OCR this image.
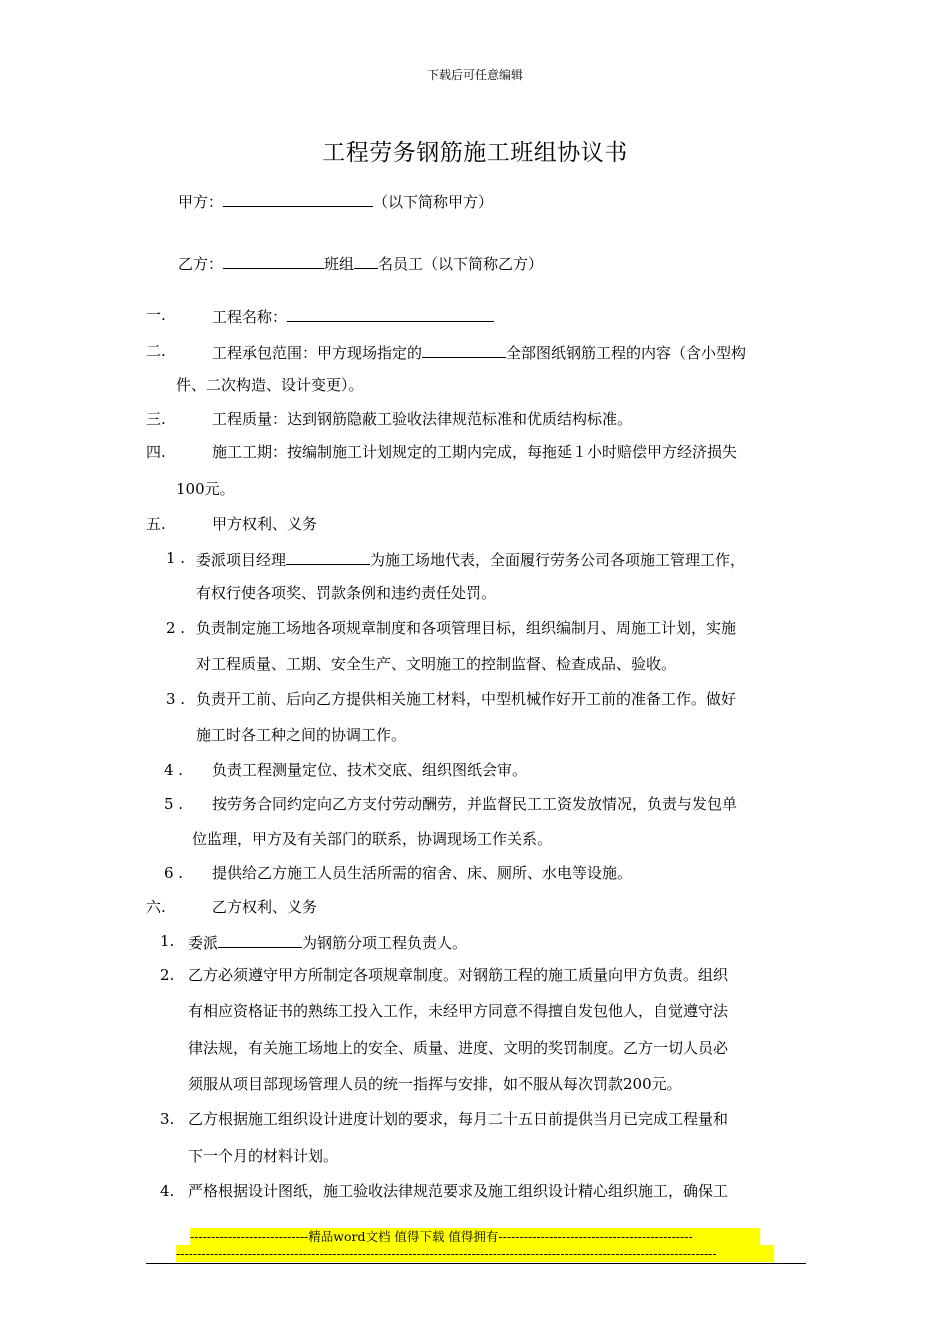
下载后可任意编辑
工程劳务钢筋施工班组协议书
甲方：	（以下简称甲方）
乙方：	班组 名员工（以下简称乙方）
一.	工程名称：
二.	工程承包范围：甲方现场指定的	全部图纸钢筋工程的内容（含小型构
件、二次构造、设计变更）。
三.	工程质量：达到钢筋隐蔽工验收法律规范标准和优质结构标准。
四.	施工工期：按编制施工计划规定的工期内完成，每拖延１小时赔偿甲方经济损失
100元。
五.	甲方权利、义务
1 . 委派项目经理	为施工场地代表，全面履行劳务公司各项施工管理工作，
有权行使各项奖、罚款条例和违约责任处罚。
2 . 负责制定施工场地各项规章制度和各项管理目标，组织编制月、周施工计划，实施
对工程质量、工期、安全生产、文明施工的控制监督、检查成品、验收。
3 . 负责开工前、后向乙方提供相关施工材料，中型机械作好开工前的准备工作。做好
施工时各工种之间的协调工作。
4 . 负责工程测量定位、技术交底、组织图纸会审。
5 . 按劳务合同约定向乙方支付劳动酬劳，并监督民工工资发放情况，负责与发包单
位监理，甲方及有关部门的联系，协调现场工作关系。
6 . 提供给乙方施工人员生活所需的宿舍、床、厕所、水电等设施。
六.	乙方权利、义务
1. 委派	为钢筋分项工程负责人。
2. 乙方必须遵守甲方所制定各项规章制度。对钢筋工程的施工质量向甲方负责。组织
有相应资格证书的熟练工投入工作，未经甲方同意不得擅自发包他人，自觉遵守法
律法规，有关施工场地上的安全、质量、进度、文明的奖罚制度。乙方一切人员必
须服从项目部现场管理人员的统一指挥与安排，如不服从每次罚款200元。
3. 乙方根据施工组织设计进度计划的要求，每月二十五日前提供当月已完成工程量和
下一个月的材料计划。
4. 严格根据设计图纸，施工验收法律规范要求及施工组织设计精心组织施工，确保工
----------------------------精品word文档 值得下载 值得拥有----------------------------------------------
--------------------------------------------------------------------------------------------------------------------------------
